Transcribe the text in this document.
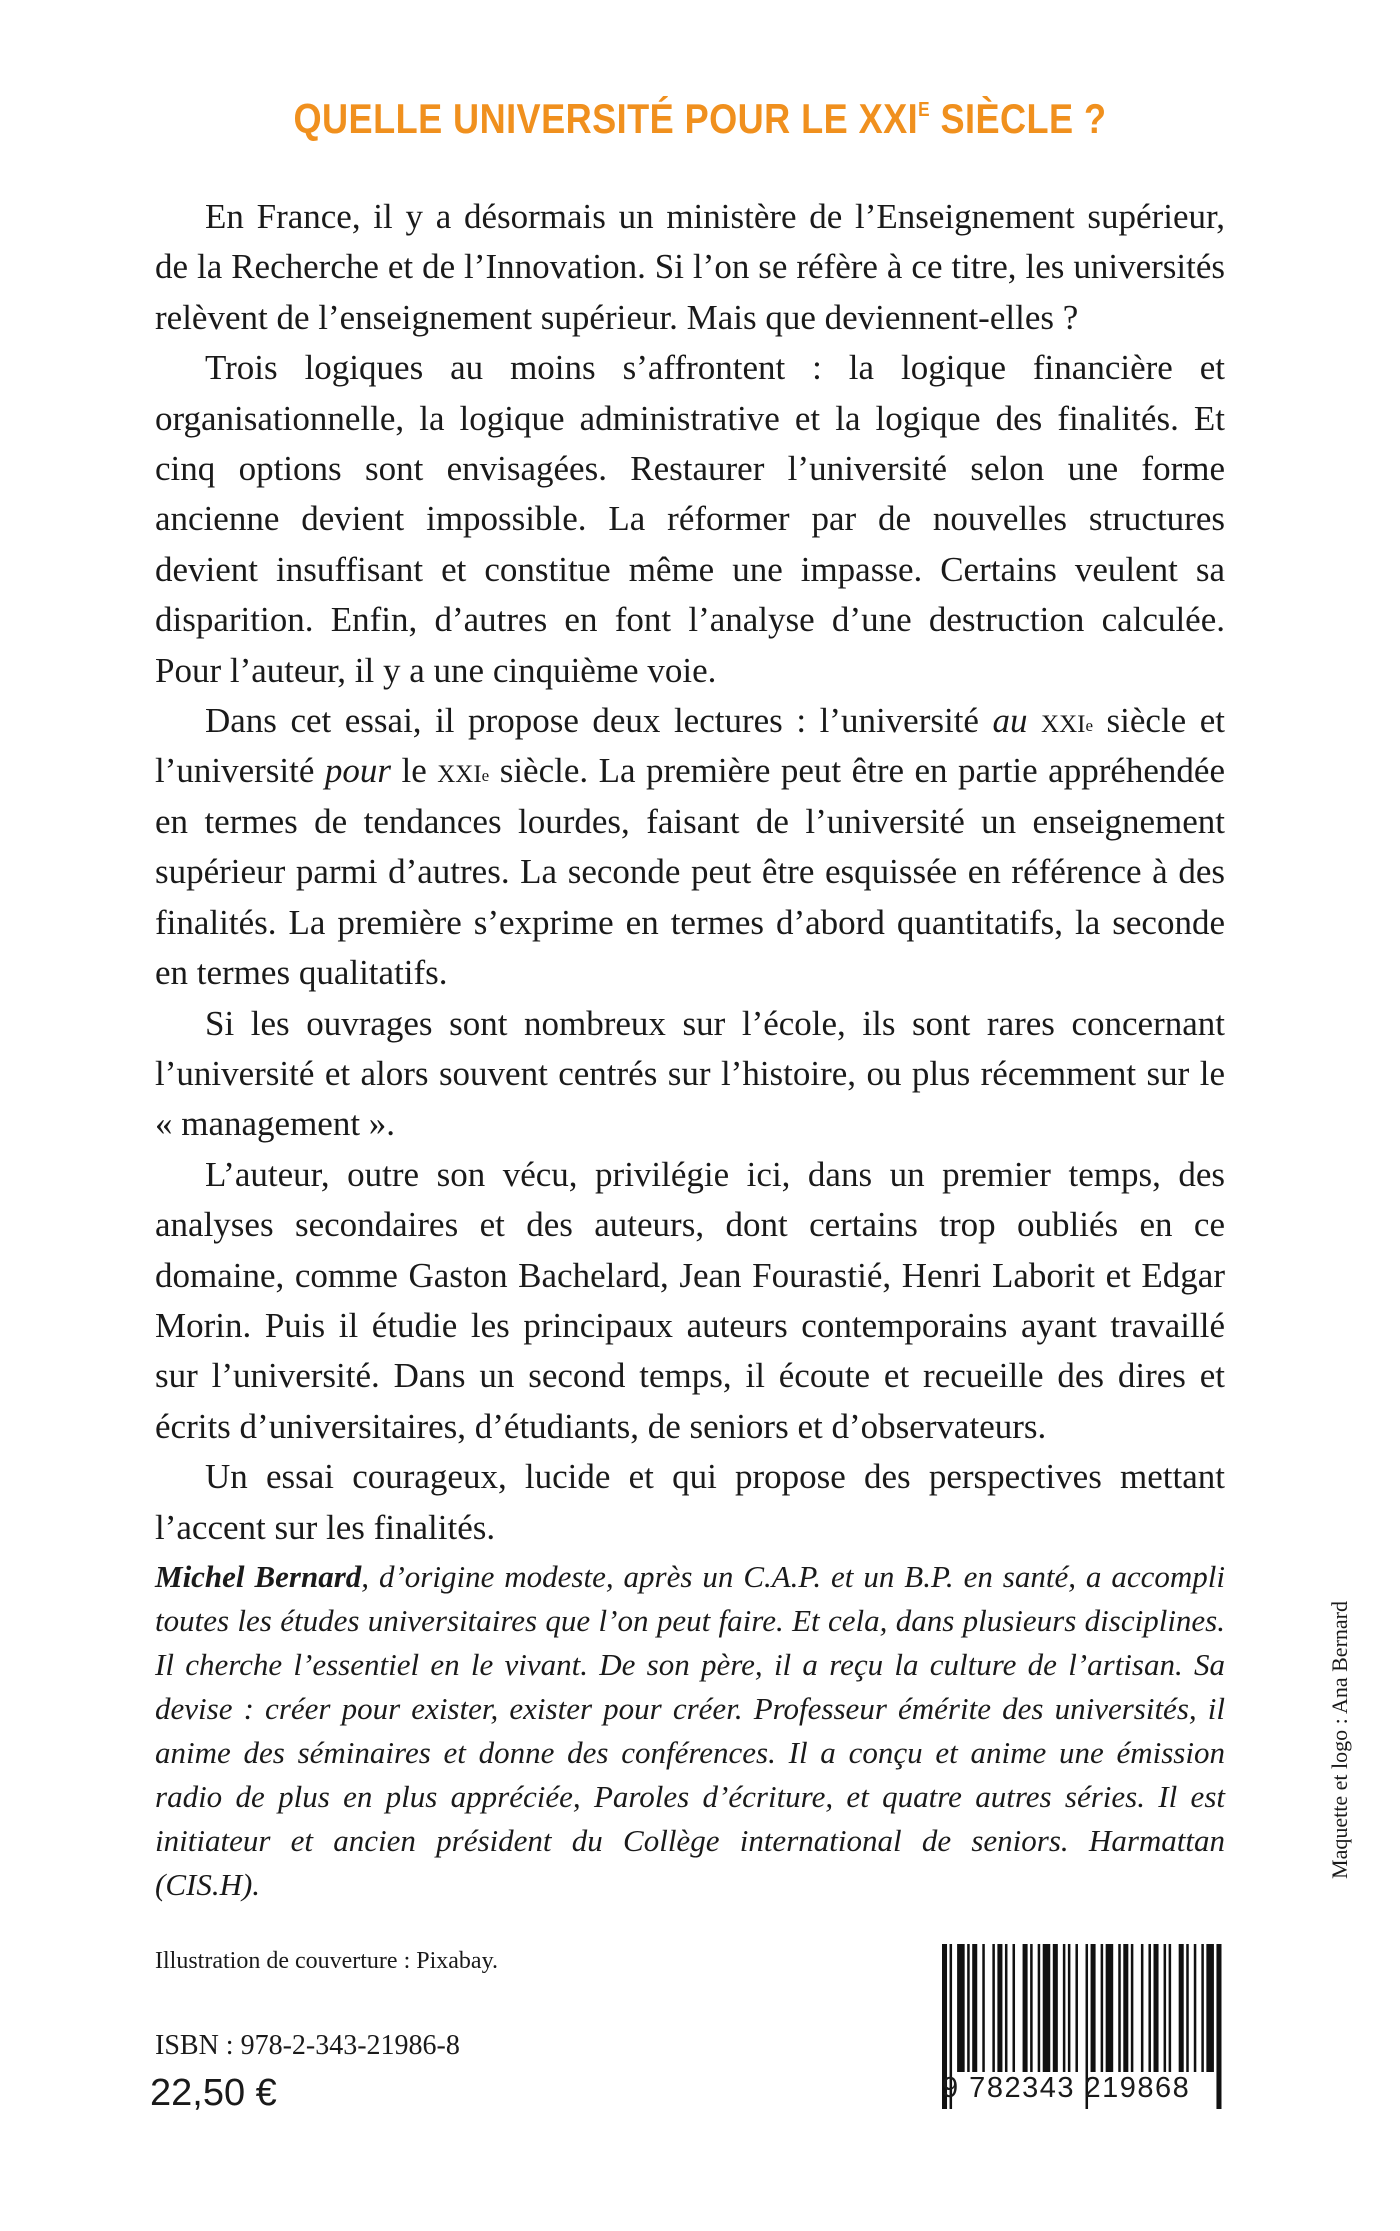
QUELLE UNIVERSITÉ POUR LE $XXI^E$ SIÈCLE ?

En France, il y a désormais un ministère de l’Enseignement supérieur, de la Recherche et de l’Innovation. Si l’on se réfère à ce titre, les universités relèvent de l’enseignement supérieur. Mais que deviennent-elles ?

Trois logiques au moins s’affrontent : la logique financière et organisationnelle, la logique administrative et la logique des finalités. Et cinq options sont envisagées. Restaurer l’université selon une forme ancienne devient impossible. La réformer par de nouvelles structures devient insuffisant et constitue même une impasse. Certains veulent sa disparition. Enfin, d’autres en font l’analyse d’une destruction calculée. Pour l’auteur, il y a une cinquième voie.

Dans cet essai, il propose deux lectures : l’université au xxi$^e$ siècle et l’université pour le xxi$^e$ siècle. La première peut être en partie appréhendée en termes de tendances lourdes, faisant de l’université un enseignement supérieur parmi d’autres. La seconde peut être esquissée en référence à des finalités. La première s’exprime en termes d’abord quantitatifs, la seconde en termes qualitatifs.

Si les ouvrages sont nombreux sur l’école, ils sont rares concernant l’université et alors souvent centrés sur l’histoire, ou plus récemment sur le « management ».

L’auteur, outre son vécu, privilégie ici, dans un premier temps, des analyses secondaires et des auteurs, dont certains trop oubliés en ce domaine, comme Gaston Bachelard, Jean Fourastié, Henri Laborit et Edgar Morin. Puis il étudie les principaux auteurs contemporains ayant travaillé sur l’université. Dans un second temps, il écoute et recueille des dires et écrits d’universitaires, d’étudiants, de seniors et d’observateurs.

Un essai courageux, lucide et qui propose des perspectives mettant l’accent sur les finalités.

Michel Bernard, d’origine modeste, après un C.A.P. et un B.P. en santé, a accompli toutes les études universitaires que l’on peut faire. Et cela, dans plusieurs disciplines. Il cherche l’essentiel en le vivant. De son père, il a reçu la culture de l’artisan. Sa devise : créer pour exister, exister pour créer. Professeur émérite des universités, il anime des séminaires et donne des conférences. Il a conçu et anime une émission radio de plus en plus appréciée, Paroles d’écriture, et quatre autres séries. Il est initiateur et ancien président du Collège international de seniors. Harmattan (CIS.H).
Maquette et logo : Ana Bernard
Illustration de couverture : Pixabay.
ISBN : 978-2-343-21986-8
22,50 €	9 782343 219868
